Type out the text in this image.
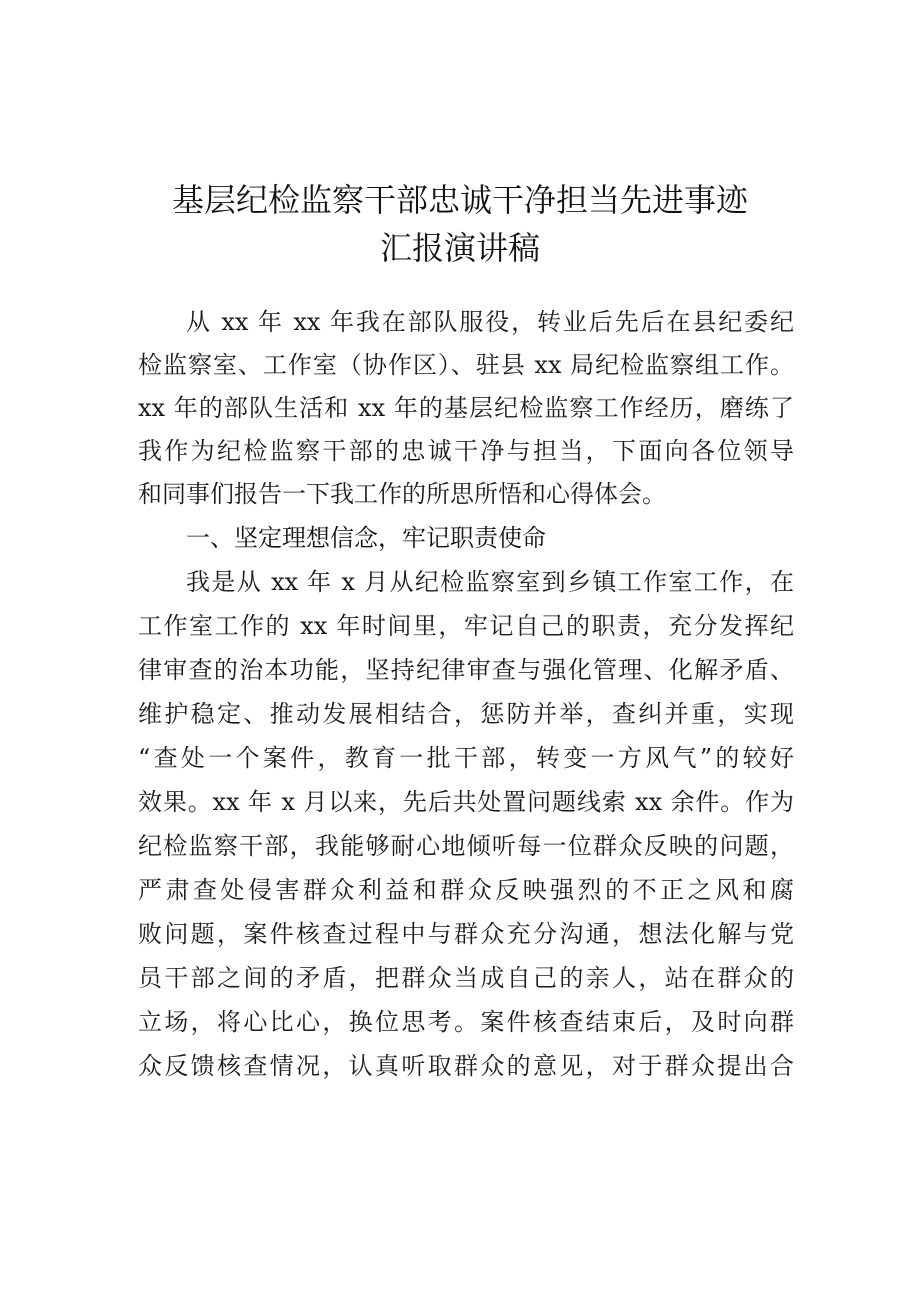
基层纪检监察干部忠诚干净担当先进事迹
汇报演讲稿
从 xx 年 xx 年我在部队服役，转业后先后在县纪委纪
检监察室、工作室（协作区）、驻县 xx 局纪检监察组工作。
xx 年的部队生活和 xx 年的基层纪检监察工作经历，磨练了
我作为纪检监察干部的忠诚干净与担当，下面向各位领导
和同事们报告一下我工作的所思所悟和心得体会。
一、坚定理想信念，牢记职责使命
我是从 xx 年 x 月从纪检监察室到乡镇工作室工作，在
工作室工作的 xx 年时间里，牢记自己的职责，充分发挥纪
律审查的治本功能，坚持纪律审查与强化管理、化解矛盾、
维护稳定、推动发展相结合，惩防并举，查纠并重，实现
“查处一个案件，教育一批干部，转变一方风气”的较好
效果。xx 年 x 月以来，先后共处置问题线索 xx 余件。作为
纪检监察干部，我能够耐心地倾听每一位群众反映的问题，
严肃查处侵害群众利益和群众反映强烈的不正之风和腐
败问题，案件核查过程中与群众充分沟通，想法化解与党
员干部之间的矛盾，把群众当成自己的亲人，站在群众的
立场，将心比心，换位思考。案件核查结束后，及时向群
众反馈核查情况，认真听取群众的意见，对于群众提出合
